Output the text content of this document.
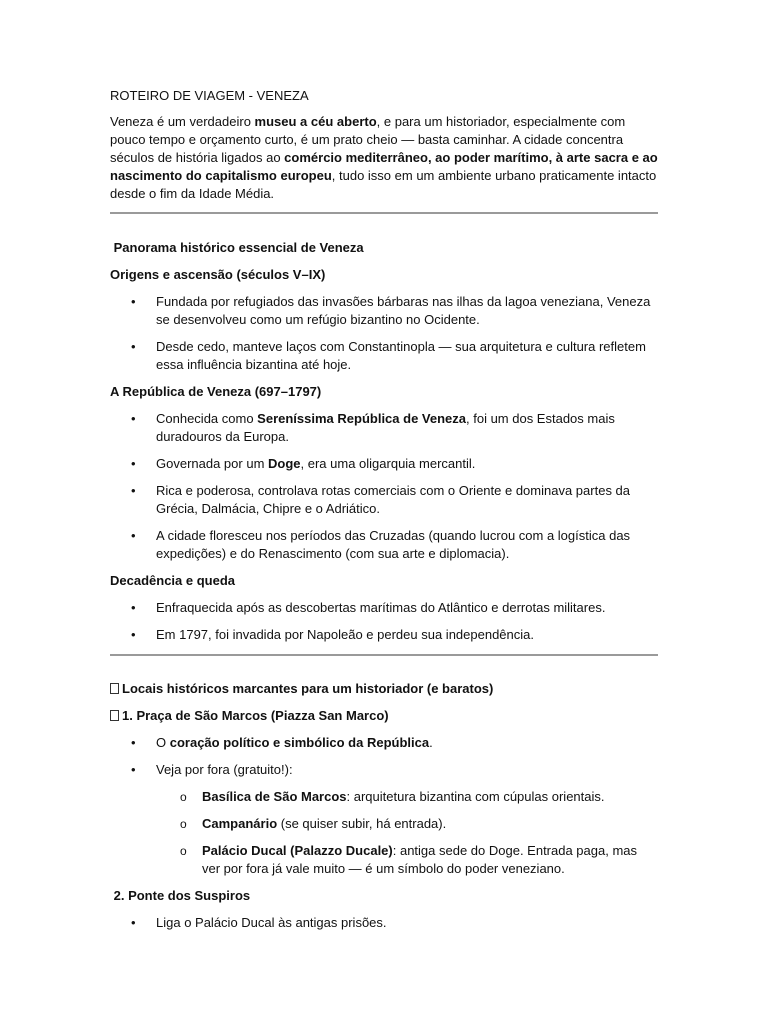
ROTEIRO DE VIAGEM - VENEZA

Veneza é um verdadeiro museu a céu aberto, e para um historiador, especialmente com pouco tempo e orçamento curto, é um prato cheio — basta caminhar. A cidade concentra séculos de história ligados ao comércio mediterrâneo, ao poder marítimo, à arte sacra e ao nascimento do capitalismo europeu, tudo isso em um ambiente urbano praticamente intacto desde o fim da Idade Média.

Panorama histórico essencial de Veneza

Origens e ascensão (séculos V–IX)

• Fundada por refugiados das invasões bárbaras nas ilhas da lagoa veneziana, Veneza se desenvolveu como um refúgio bizantino no Ocidente.
• Desde cedo, manteve laços com Constantinopla — sua arquitetura e cultura refletem essa influência bizantina até hoje.

A República de Veneza (697–1797)

• Conhecida como Sereníssima República de Veneza, foi um dos Estados mais duradouros da Europa.
• Governada por um Doge, era uma oligarquia mercantil.
• Rica e poderosa, controlava rotas comerciais com o Oriente e dominava partes da Grécia, Dalmácia, Chipre e o Adriático.
• A cidade floresceu nos períodos das Cruzadas (quando lucrou com a logística das expedições) e do Renascimento (com sua arte e diplomacia).

Decadência e queda

• Enfraquecida após as descobertas marítimas do Atlântico e derrotas militares.
• Em 1797, foi invadida por Napoleão e perdeu sua independência.

Locais históricos marcantes para um historiador (e baratos)

1. Praça de São Marcos (Piazza San Marco)

• O coração político e simbólico da República.
• Veja por fora (gratuito!):
o Basílica de São Marcos: arquitetura bizantina com cúpulas orientais.
o Campanário (se quiser subir, há entrada).
o Palácio Ducal (Palazzo Ducale): antiga sede do Doge. Entrada paga, mas ver por fora já vale muito — é um símbolo do poder veneziano.

2. Ponte dos Suspiros

• Liga o Palácio Ducal às antigas prisões.
